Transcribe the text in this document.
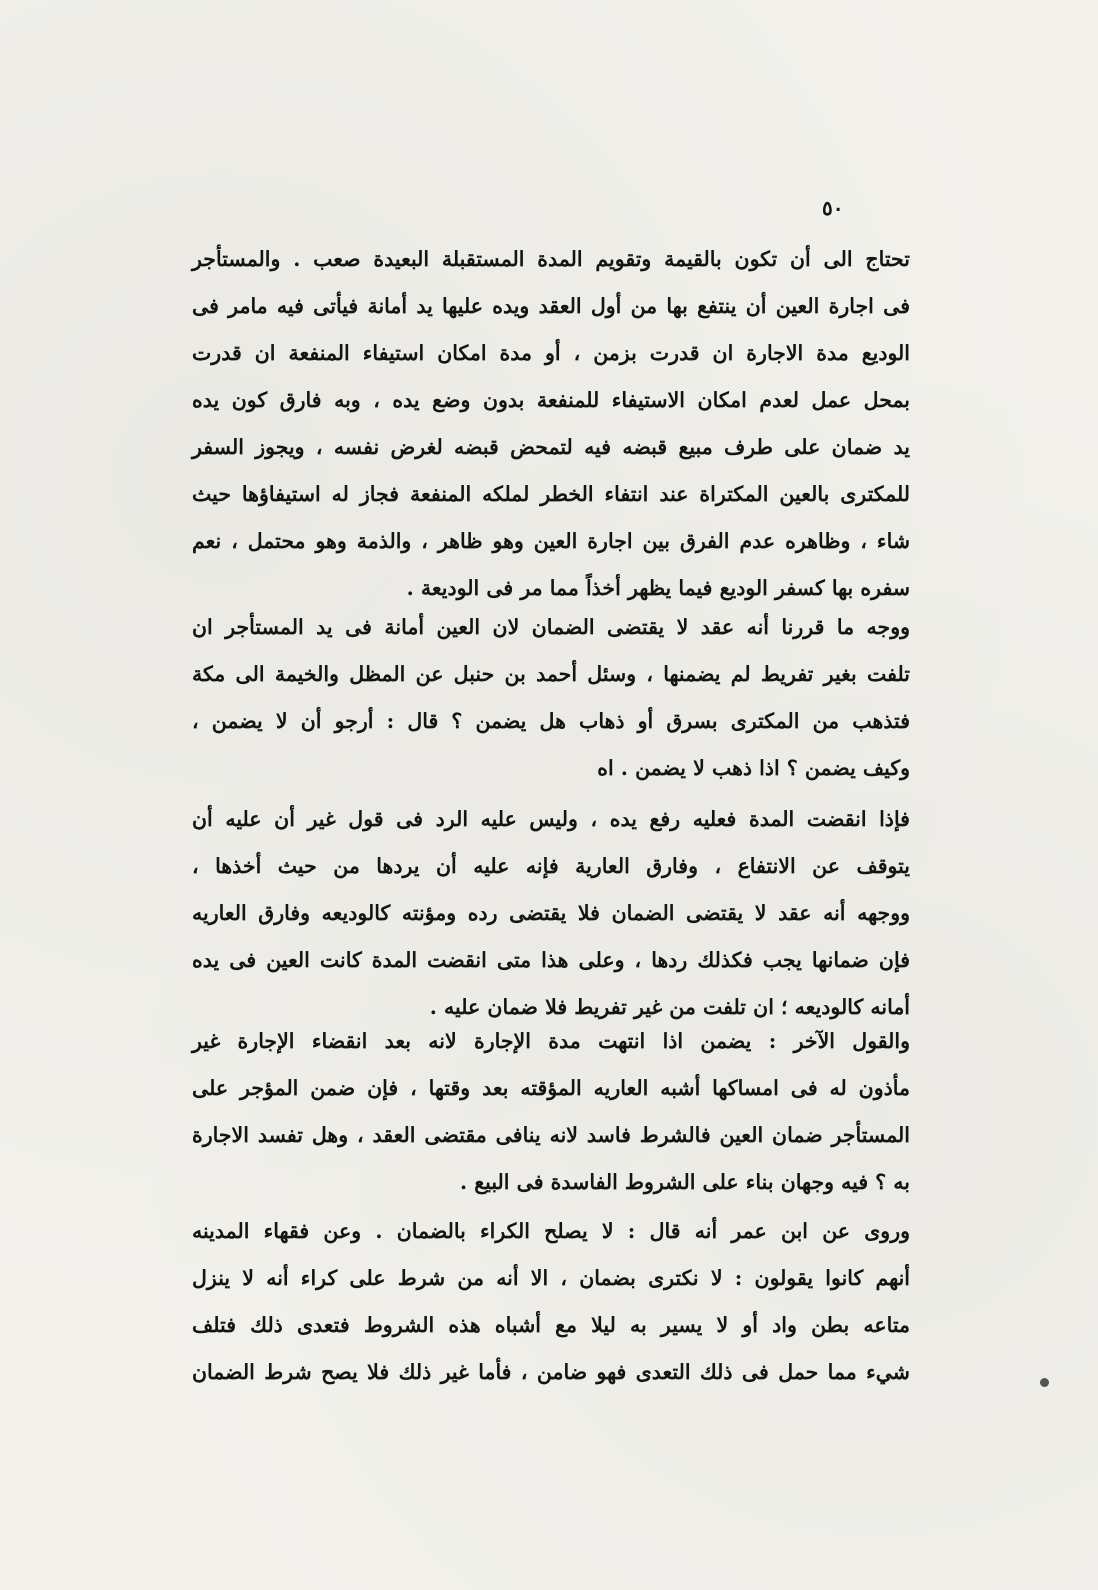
٥٠
تحتاج الى أن تكون بالقيمة وتقويم المدة المستقبلة البعيدة صعب . والمستأجر
فى اجارة العين أن ينتفع بها من أول العقد ويده عليها يد أمانة فيأتى فيه مامر فى
الوديع مدة الاجارة ان قدرت بزمن ، أو مدة امكان استيفاء المنفعة ان قدرت
بمحل عمل لعدم امكان الاستيفاء للمنفعة بدون وضع يده ، وبه فارق كون يده
يد ضمان على طرف مبيع قبضه فيه لتمحض قبضه لغرض نفسه ، ويجوز السفر
للمكترى بالعين المكتراة عند انتفاء الخطر لملكه المنفعة فجاز له استيفاؤها حيث
شاء ، وظاهره عدم الفرق بين اجارة العين وهو ظاهر ، والذمة وهو محتمل ، نعم
سفره بها كسفر الوديع فيما يظهر أخذاً مما مر فى الوديعة .
ووجه ما قررنا أنه عقد لا يقتضى الضمان لان العين أمانة فى يد المستأجر ان
تلفت بغير تفريط لم يضمنها ، وسئل أحمد بن حنبل عن المظل والخيمة الى مكة
فتذهب من المكترى بسرق أو ذهاب هل يضمن ؟ قال : أرجو أن لا يضمن ،
وكيف يضمن ؟ اذا ذهب لا يضمن . اه
فإذا انقضت المدة فعليه رفع يده ، وليس عليه الرد فى قول غير أن عليه أن
يتوقف عن الانتفاع ، وفارق العارية فإنه عليه أن يردها من حيث أخذها ،
ووجهه أنه عقد لا يقتضى الضمان فلا يقتضى رده ومؤنته كالوديعه وفارق العاريه
فإن ضمانها يجب فكذلك ردها ، وعلى هذا متى انقضت المدة كانت العين فى يده
أمانه كالوديعه ؛ ان تلفت من غير تفريط فلا ضمان عليه .
والقول الآخر : يضمن اذا انتهت مدة الإجارة لانه بعد انقضاء الإجارة غير
مأذون له فى امساكها أشبه العاريه المؤقته بعد وقتها ، فإن ضمن المؤجر على
المستأجر ضمان العين فالشرط فاسد لانه ينافى مقتضى العقد ، وهل تفسد الاجارة
به ؟ فيه وجهان بناء على الشروط الفاسدة فى البيع .
وروى عن ابن عمر أنه قال : لا يصلح الكراء بالضمان . وعن فقهاء المدينه
أنهم كانوا يقولون : لا نكترى بضمان ، الا أنه من شرط على كراء أنه لا ينزل
متاعه بطن واد أو لا يسير به ليلا مع أشباه هذه الشروط فتعدى ذلك فتلف
شيء مما حمل فى ذلك التعدى فهو ضامن ، فأما غير ذلك فلا يصح شرط الضمان
